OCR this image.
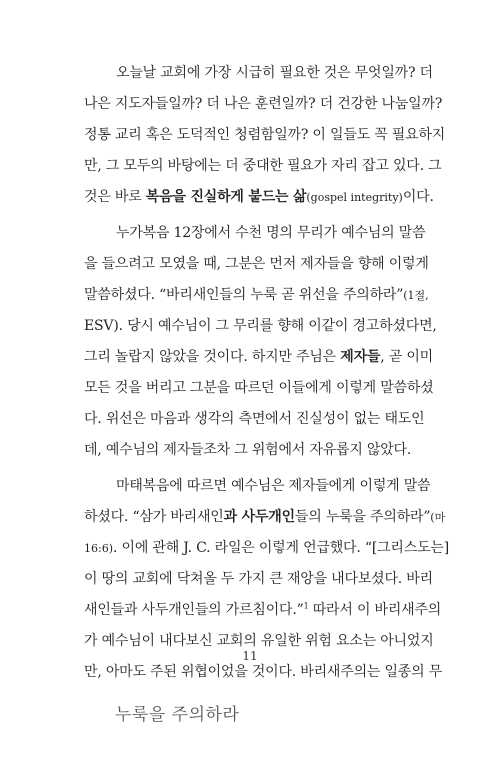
오늘날 교회에 가장 시급히 필요한 것은 무엇일까? 더
나은 지도자들일까? 더 나은 훈련일까? 더 건강한 나눔일까?
정통 교리 혹은 도덕적인 청렴함일까? 이 일들도 꼭 필요하지
만, 그 모두의 바탕에는 더 중대한 필요가 자리 잡고 있다. 그
것은 바로 복음을 진실하게 붙드는 삶(gospel integrity)이다.

누가복음 12장에서 수천 명의 무리가 예수님의 말씀
을 들으려고 모였을 때, 그분은 먼저 제자들을 향해 이렇게
말씀하셨다. “바리새인들의 누룩 곧 위선을 주의하라”(1절,
ESV). 당시 예수님이 그 무리를 향해 이같이 경고하셨다면,
그리 놀랍지 않았을 것이다. 하지만 주님은 제자들, 곧 이미
모든 것을 버리고 그분을 따르던 이들에게 이렇게 말씀하셨
다. 위선은 마음과 생각의 측면에서 진실성이 없는 태도인
데, 예수님의 제자들조차 그 위험에서 자유롭지 않았다.

마태복음에 따르면 예수님은 제자들에게 이렇게 말씀
하셨다. “삼가 바리새인과 사두개인들의 누룩을 주의하라”(마
16:6). 이에 관해 J. C. 라일은 이렇게 언급했다. “[그리스도는]
이 땅의 교회에 닥쳐올 두 가지 큰 재앙을 내다보셨다. 바리
새인들과 사두개인들의 가르침이다.”$^1$ 따라서 이 바리새주의
가 예수님이 내다보신 교회의 유일한 위험 요소는 아니었지
만, 아마도 주된 위협이었을 것이다. 바리새주의는 일종의 무

11
누룩을 주의하라
